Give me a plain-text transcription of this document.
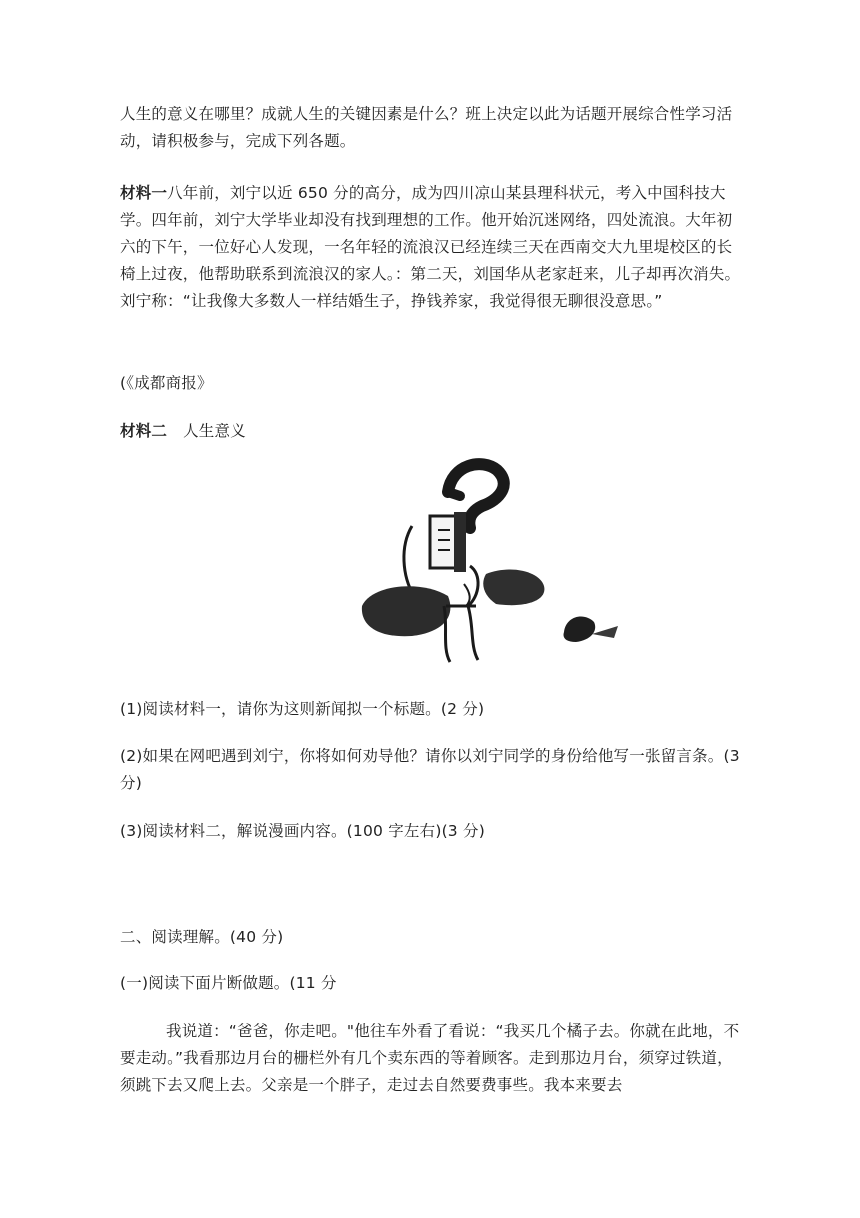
人生的意义在哪里？成就人生的关键因素是什么？班上决定以此为话题开展综合性学习活动，请积极参与，完成下列各题。

材料一八年前，刘宁以近 650 分的高分，成为四川凉山某县理科状元，考入中国科技大学。四年前，刘宁大学毕业却没有找到理想的工作。他开始沉迷网络，四处流浪。大年初六的下午，一位好心人发现，一名年轻的流浪汉已经连续三天在西南交大九里堤校区的长椅上过夜，他帮助联系到流浪汉的家人。：第二天，刘国华从老家赶来，儿子却再次消失。刘宁称：“让我像大多数人一样结婚生子，挣钱养家，我觉得很无聊很没意思。”

(《成都商报》

材料二 人生意义

(1)阅读材料一，请你为这则新闻拟一个标题。(2 分)

(2)如果在网吧遇到刘宁，你将如何劝导他？请你以刘宁同学的身份给他写一张留言条。(3 分)

(3)阅读材料二，解说漫画内容。(100 字左右)(3 分)

二、阅读理解。(40 分)

(一)阅读下面片断做题。(11 分

我说道：“爸爸，你走吧。"他往车外看了看说：“我买几个橘子去。你就在此地，不要走动。”我看那边月台的栅栏外有几个卖东西的等着顾客。走到那边月台，须穿过铁道，须跳下去又爬上去。父亲是一个胖子，走过去自然要费事些。我本来要去
